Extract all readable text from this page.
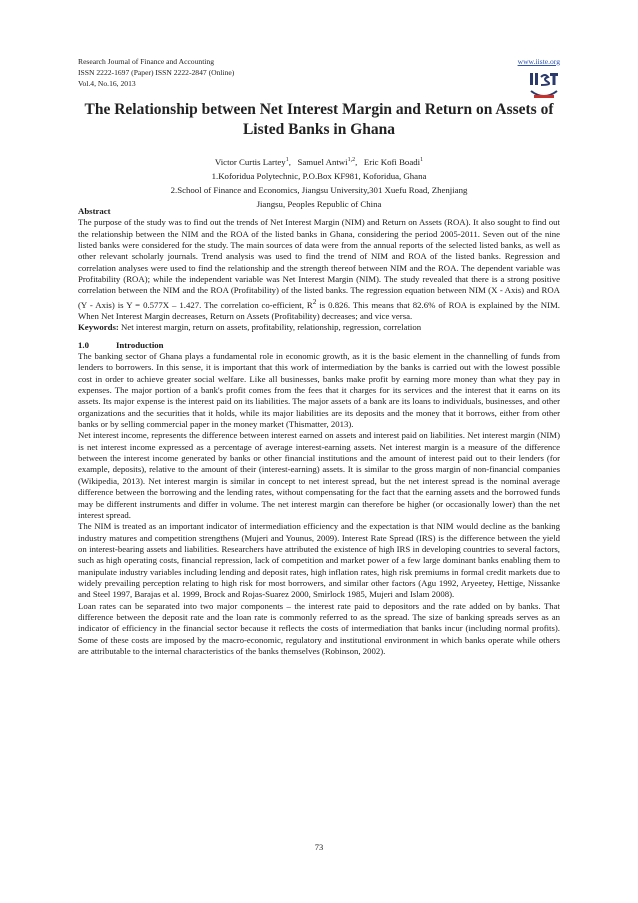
Research Journal of Finance and Accounting
ISSN 2222-1697 (Paper) ISSN 2222-2847 (Online)
Vol.4, No.16, 2013
www.iiste.org
The Relationship between Net Interest Margin and Return on Assets of Listed Banks in Ghana
Victor Curtis Lartey$^1$,   Samuel Antwi$^{1,2}$,   Eric Kofi Boadi$^1$
1.Koforidua Polytechnic, P.O.Box KF981, Koforidua, Ghana
2.School of Finance and Economics, Jiangsu University,301 Xuefu Road, Zhenjiang
Jiangsu, Peoples Republic of China

Abstract

The purpose of the study was to find out the trends of Net Interest Margin (NIM) and Return on Assets (ROA). It also sought to find out the relationship between the NIM and the ROA of the listed banks in Ghana, considering the period 2005-2011. Seven out of the nine listed banks were considered for the study. The main sources of data were from the annual reports of the selected listed banks, as well as other relevant scholarly journals. Trend analysis was used to find the trend of NIM and ROA of the listed banks. Regression and correlation analyses were used to find the relationship and the strength thereof between NIM and the ROA. The dependent variable was Profitability (ROA); while the independent variable was Net Interest Margin (NIM). The study revealed that there is a strong positive correlation between the NIM and the ROA (Profitability) of the listed banks. The regression equation between NIM (X - Axis) and ROA (Y - Axis) is Y = 0.577X – 1.427. The correlation co-efficient, $R^2$ is 0.826. This means that 82.6% of ROA is explained by the NIM. When Net Interest Margin decreases, Return on Assets (Profitability) decreases; and vice versa.

Keywords: Net interest margin, return on assets, profitability, relationship, regression, correlation

1.0	Introduction

The banking sector of Ghana plays a fundamental role in economic growth, as it is the basic element in the channelling of funds from lenders to borrowers. In this sense, it is important that this work of intermediation by the banks is carried out with the lowest possible cost in order to achieve greater social welfare. Like all businesses, banks make profit by earning more money than what they pay in expenses. The major portion of a bank's profit comes from the fees that it charges for its services and the interest that it earns on its assets. Its major expense is the interest paid on its liabilities. The major assets of a bank are its loans to individuals, businesses, and other organizations and the securities that it holds, while its major liabilities are its deposits and the money that it borrows, either from other banks or by selling commercial paper in the money market (Thismatter, 2013).

Net interest income, represents the difference between interest earned on assets and interest paid on liabilities. Net interest margin (NIM) is net interest income expressed as a percentage of average interest-earning assets. Net interest margin is a measure of the difference between the interest income generated by banks or other financial institutions and the amount of interest paid out to their lenders (for example, deposits), relative to the amount of their (interest-earning) assets. It is similar to the gross margin of non-financial companies (Wikipedia, 2013). Net interest margin is similar in concept to net interest spread, but the net interest spread is the nominal average difference between the borrowing and the lending rates, without compensating for the fact that the earning assets and the borrowed funds may be different instruments and differ in volume. The net interest margin can therefore be higher (or occasionally lower) than the net interest spread.

The NIM is treated as an important indicator of intermediation efficiency and the expectation is that NIM would decline as the banking industry matures and competition strengthens (Mujeri and Younus, 2009). Interest Rate Spread (IRS) is the difference between the yield on interest-bearing assets and liabilities. Researchers have attributed the existence of high IRS in developing countries to several factors, such as high operating costs, financial repression, lack of competition and market power of a few large dominant banks enabling them to manipulate industry variables including lending and deposit rates, high inflation rates, high risk premiums in formal credit markets due to widely prevailing perception relating to high risk for most borrowers, and similar other factors (Agu 1992, Aryeetey, Hettige, Nissanke and Steel 1997, Barajas et al. 1999, Brock and Rojas-Suarez 2000, Smirlock 1985, Mujeri and Islam 2008).

Loan rates can be separated into two major components – the interest rate paid to depositors and the rate added on by banks. That difference between the deposit rate and the loan rate is commonly referred to as the spread. The size of banking spreads serves as an indicator of efficiency in the financial sector because it reflects the costs of intermediation that banks incur (including normal profits). Some of these costs are imposed by the macro-economic, regulatory and institutional environment in which banks operate while others are attributable to the internal characteristics of the banks themselves (Robinson, 2002).

73
